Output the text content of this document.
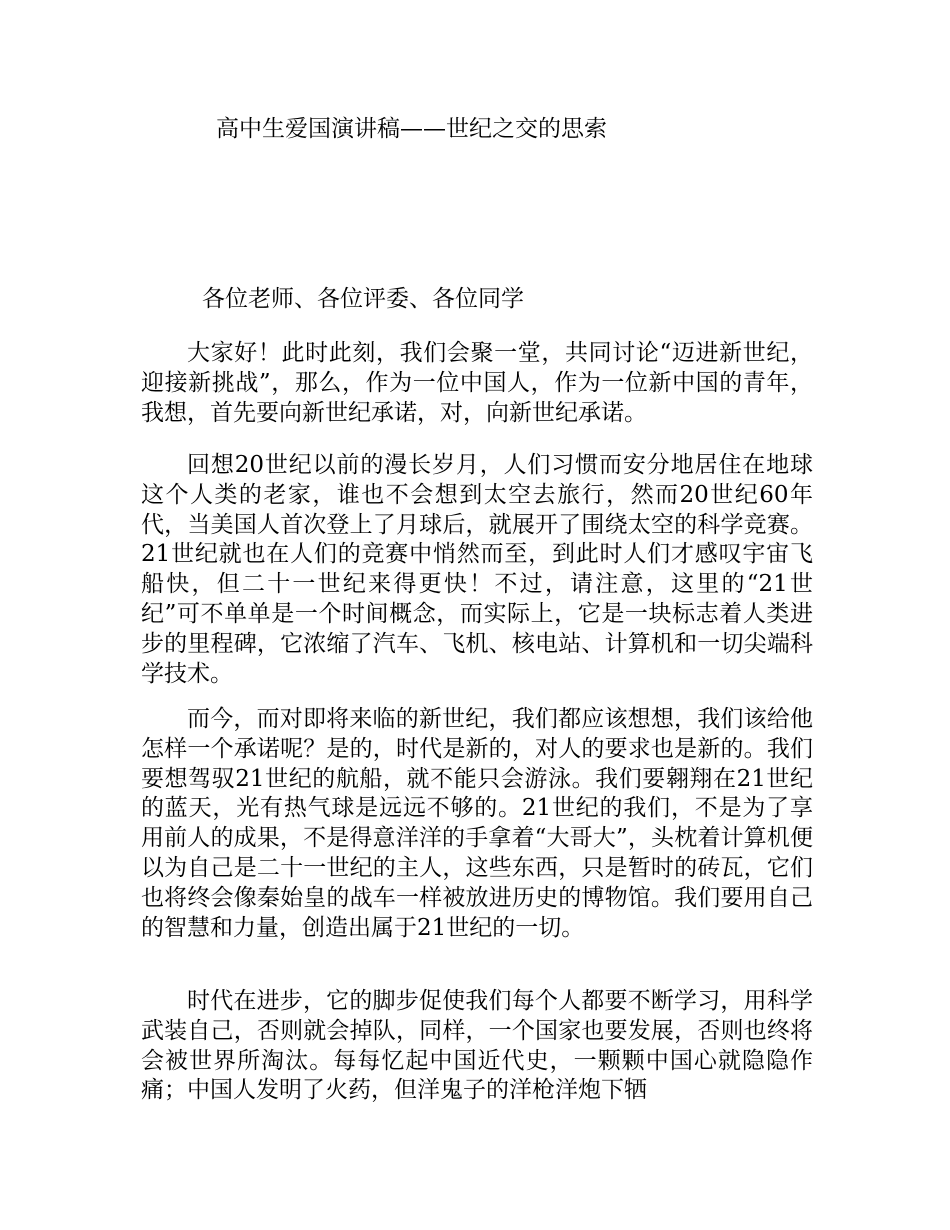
高中生爱国演讲稿——世纪之交的思索

各位老师、各位评委、各位同学

大家好！此时此刻，我们会聚一堂，共同讨论“迈进新世纪，迎接新挑战”，那么，作为一位中国人，作为一位新中国的青年，我想，首先要向新世纪承诺，对，向新世纪承诺。

回想20世纪以前的漫长岁月，人们习惯而安分地居住在地球这个人类的老家，谁也不会想到太空去旅行，然而20世纪60年代，当美国人首次登上了月球后，就展开了围绕太空的科学竞赛。21世纪就也在人们的竞赛中悄然而至，到此时人们才感叹宇宙飞船快，但二十一世纪来得更快！不过，请注意，这里的“21世纪”可不单单是一个时间概念，而实际上，它是一块标志着人类进步的里程碑，它浓缩了汽车、飞机、核电站、计算机和一切尖端科学技术。

而今，而对即将来临的新世纪，我们都应该想想，我们该给他怎样一个承诺呢？是的，时代是新的，对人的要求也是新的。我们要想驾驭21世纪的航船，就不能只会游泳。我们要翱翔在21世纪的蓝天，光有热气球是远远不够的。21世纪的我们，不是为了享用前人的成果，不是得意洋洋的手拿着“大哥大”，头枕着计算机便以为自己是二十一世纪的主人，这些东西，只是暂时的砖瓦，它们也将终会像秦始皇的战车一样被放进历史的博物馆。我们要用自己的智慧和力量，创造出属于21世纪的一切。

时代在进步，它的脚步促使我们每个人都要不断学习，用科学武装自己，否则就会掉队，同样，一个国家也要发展，否则也终将会被世界所淘汰。每每忆起中国近代史，一颗颗中国心就隐隐作痛；中国人发明了火药，但洋鬼子的洋枪洋炮下牺
